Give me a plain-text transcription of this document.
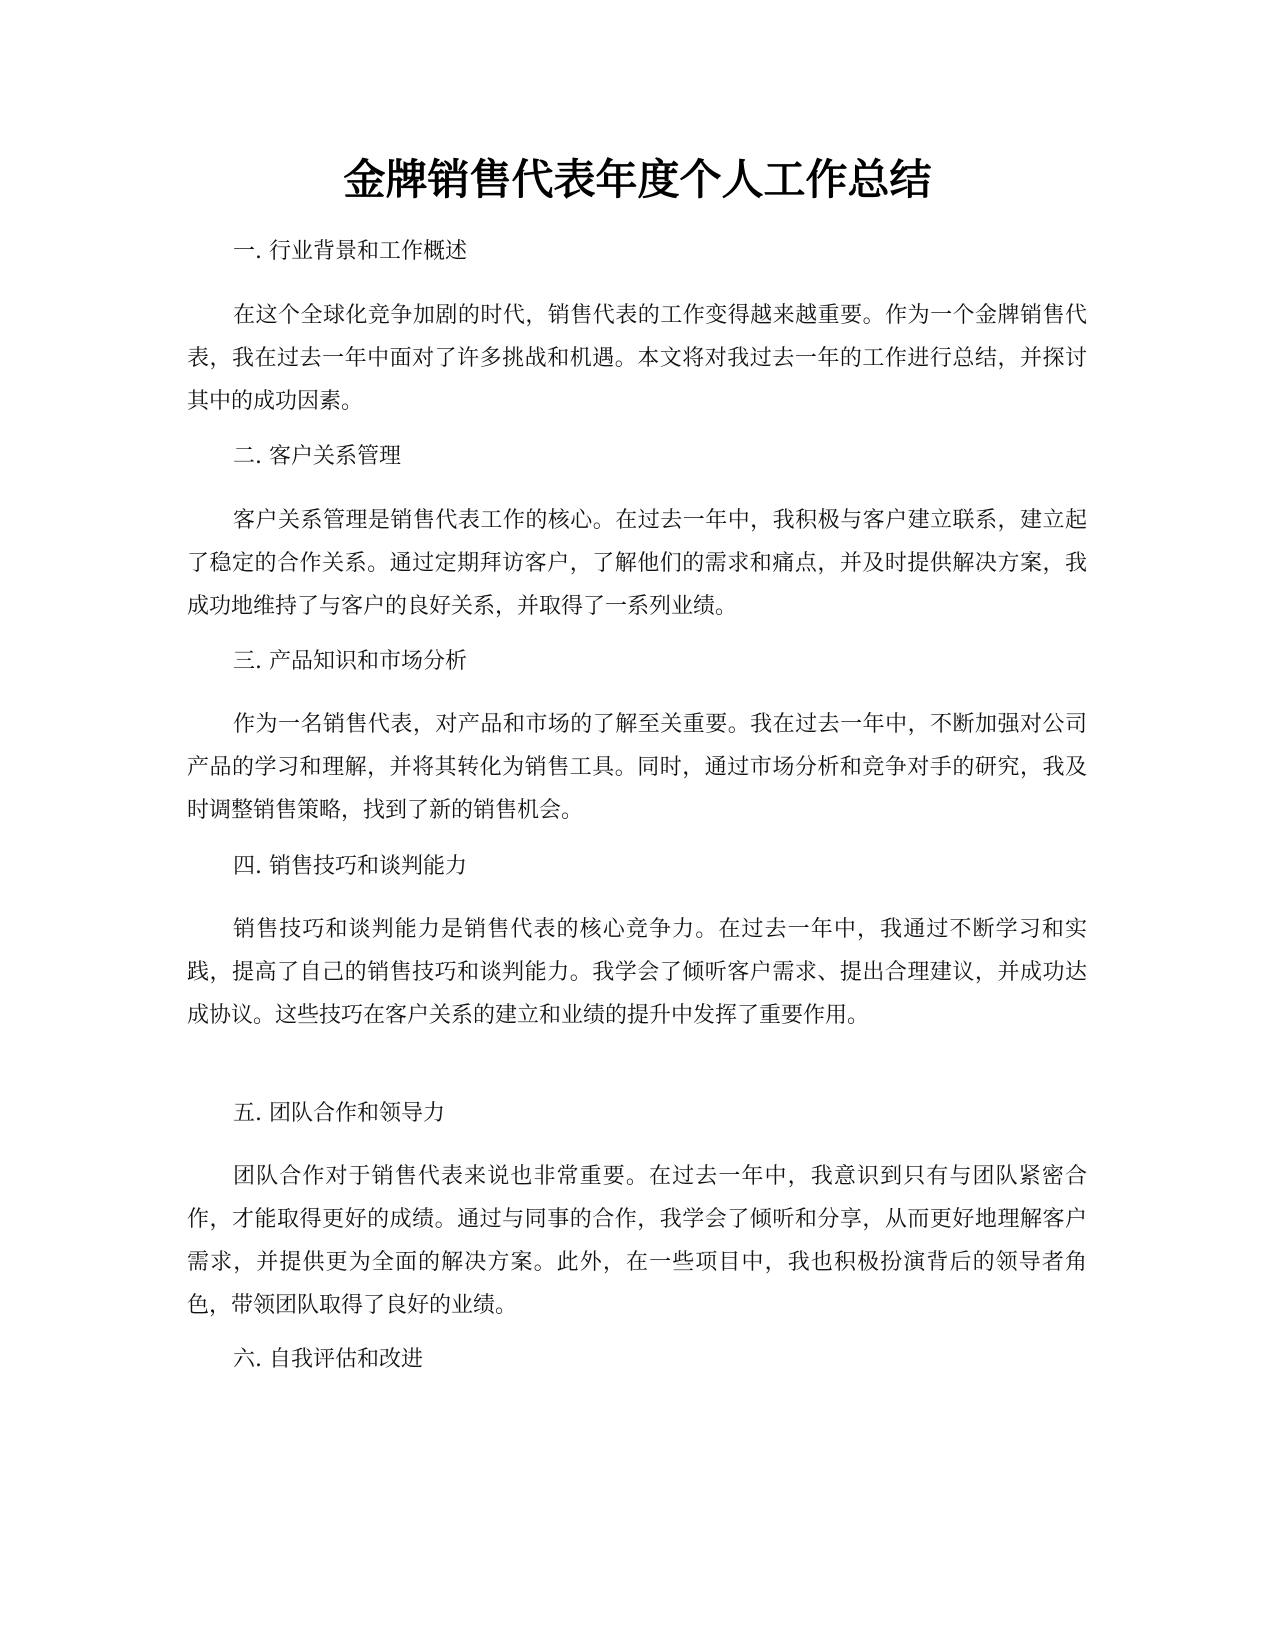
金牌销售代表年度个人工作总结

一. 行业背景和工作概述

在这个全球化竞争加剧的时代，销售代表的工作变得越来越重要。作为一个金牌销售代表，我在过去一年中面对了许多挑战和机遇。本文将对我过去一年的工作进行总结，并探讨其中的成功因素。

二. 客户关系管理

客户关系管理是销售代表工作的核心。在过去一年中，我积极与客户建立联系，建立起了稳定的合作关系。通过定期拜访客户，了解他们的需求和痛点，并及时提供解决方案，我成功地维持了与客户的良好关系，并取得了一系列业绩。

三. 产品知识和市场分析

作为一名销售代表，对产品和市场的了解至关重要。我在过去一年中，不断加强对公司产品的学习和理解，并将其转化为销售工具。同时，通过市场分析和竞争对手的研究，我及时调整销售策略，找到了新的销售机会。

四. 销售技巧和谈判能力

销售技巧和谈判能力是销售代表的核心竞争力。在过去一年中，我通过不断学习和实践，提高了自己的销售技巧和谈判能力。我学会了倾听客户需求、提出合理建议，并成功达成协议。这些技巧在客户关系的建立和业绩的提升中发挥了重要作用。

五. 团队合作和领导力

团队合作对于销售代表来说也非常重要。在过去一年中，我意识到只有与团队紧密合作，才能取得更好的成绩。通过与同事的合作，我学会了倾听和分享，从而更好地理解客户需求，并提供更为全面的解决方案。此外，在一些项目中，我也积极扮演背后的领导者角色，带领团队取得了良好的业绩。

六. 自我评估和改进
